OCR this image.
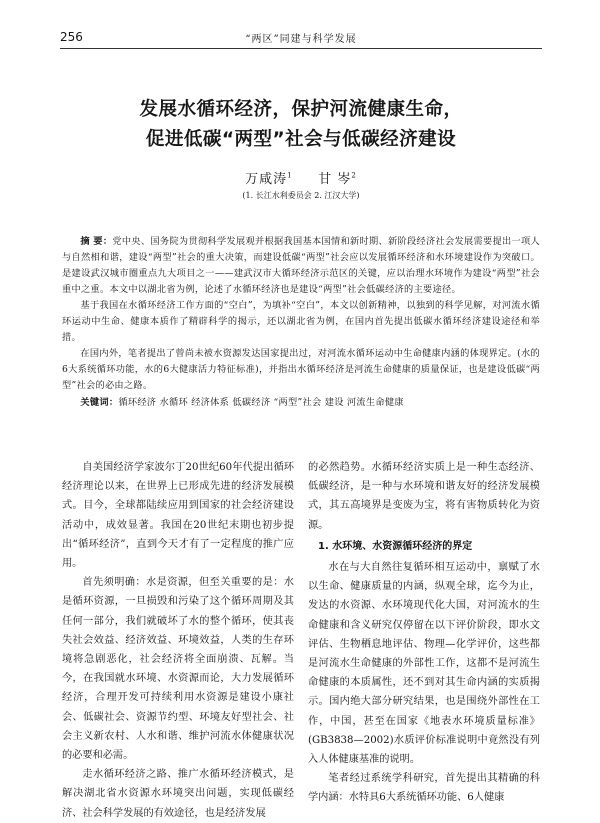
256	“两区”同建与科学发展
发展水循环经济，保护河流健康生命，
促进低碳“两型”社会与低碳经济建设
万咸涛$^1$ 甘 岑$^2$
(1. 长江水利委员会 2. 江汉大学)

摘 要：党中央、国务院为贯彻科学发展观并根据我国基本国情和新时期、新阶段经济社会发展需要提出一项人与自然相和谐，建设“两型”社会的重大决策，而建设低碳“两型”社会应以发展循环经济和水环境建设作为突破口。是建设武汉城市圈重点九大项目之一——建武汉市大循环经济示范区的关键，应以治理水环境作为建设“两型”社会重中之重。本文中以湖北省为例，论述了水循环经济也是建设“两型”社会低碳经济的主要途径。

基于我国在水循环经济工作方面的“空白”，为填补“空白”，本文以创新精神，以独到的科学见解，对河流水循环运动中生命、健康本质作了精辟科学的揭示，还以湖北省为例，在国内首先提出低碳水循环经济建设途径和举措。

在国内外，笔者提出了曾尚未被水资源发达国家提出过，对河流水循环运动中生命健康内涵的体现界定。(水的6大系统循环功能，水的6大健康活力特征标准)，并指出水循环经济是河流生命健康的质量保证，也是建设低碳“两型”社会的必由之路。

关键词：循环经济 水循环 经济体系 低碳经济 “两型”社会 建设 河流生命健康

自美国经济学家波尔丁20世纪60年代提出循环经济理论以来，在世界上已形成先进的经济发展模式。目今，全球都陆续应用到国家的社会经济建设活动中，成效显著。我国在20世纪末期也初步提出“循环经济”，直到今天才有了一定程度的推广应用。

首先须明确：水是资源，但至关重要的是：水是循环资源，一旦损毁和污染了这个循环周期及其任何一部分，我们就破坏了水的整个循环，使其丧失社会效益、经济效益、环境效益，人类的生存环境将急剧恶化，社会经济将全面崩溃、瓦解。当今，在我国就水环境、水资源而论，大力发展循环经济，合理开发可持续利用水资源是建设小康社会、低碳社会、资源节约型、环境友好型社会、社会主义新农村、人水和谐、维护河流水体健康状况的必要和必需。

走水循环经济之路、推广水循环经济模式，是解决湖北省水资源水环境突出问题，实现低碳经济、社会科学发展的有效途径，也是经济发展

的必然趋势。水循环经济实质上是一种生态经济、低碳经济，是一种与水环境和谐友好的经济发展模式，其五高境界是变废为宝，将有害物质转化为资源。

1. 水环境、水资源循环经济的界定

水在与大自然往复循环相互运动中，禀赋了水以生命、健康质量的内涵，纵观全球，迄今为止，发达的水资源、水环境现代化大国，对河流水的生命健康和含义研究仅停留在以下评价阶段，即水文评估、生物栖息地评估、物理—化学评价，这些都是河流水生命健康的外部性工作，这都不是河流生命健康的本质属性，还不到对其生命内涵的实质揭示。国内绝大部分研究结果，也是围绕外部性在工作，中国，甚至在国家《地表水环境质量标准》(GB3838—2002)水质评价标准说明中竟然没有列入人体健康基准的说明。

笔者经过系统学科研究，首先提出其精确的科学内涵：水特具6大系统循环功能、6人健康
